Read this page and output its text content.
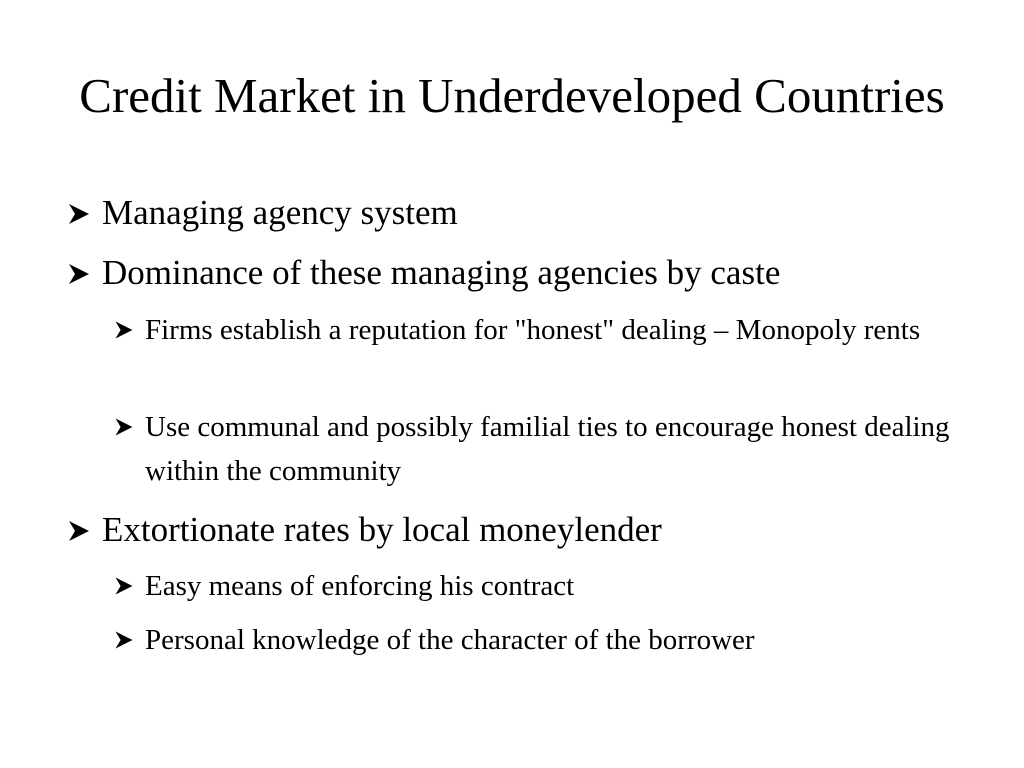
Credit Market in Underdeveloped Countries
Managing agency system
Dominance of these managing agencies by caste
Firms establish a reputation for "honest" dealing – Monopoly rents
Use communal and possibly familial ties to encourage honest dealing within the community
Extortionate rates by local moneylender
Easy means of enforcing his contract
Personal knowledge of the character of the borrower
